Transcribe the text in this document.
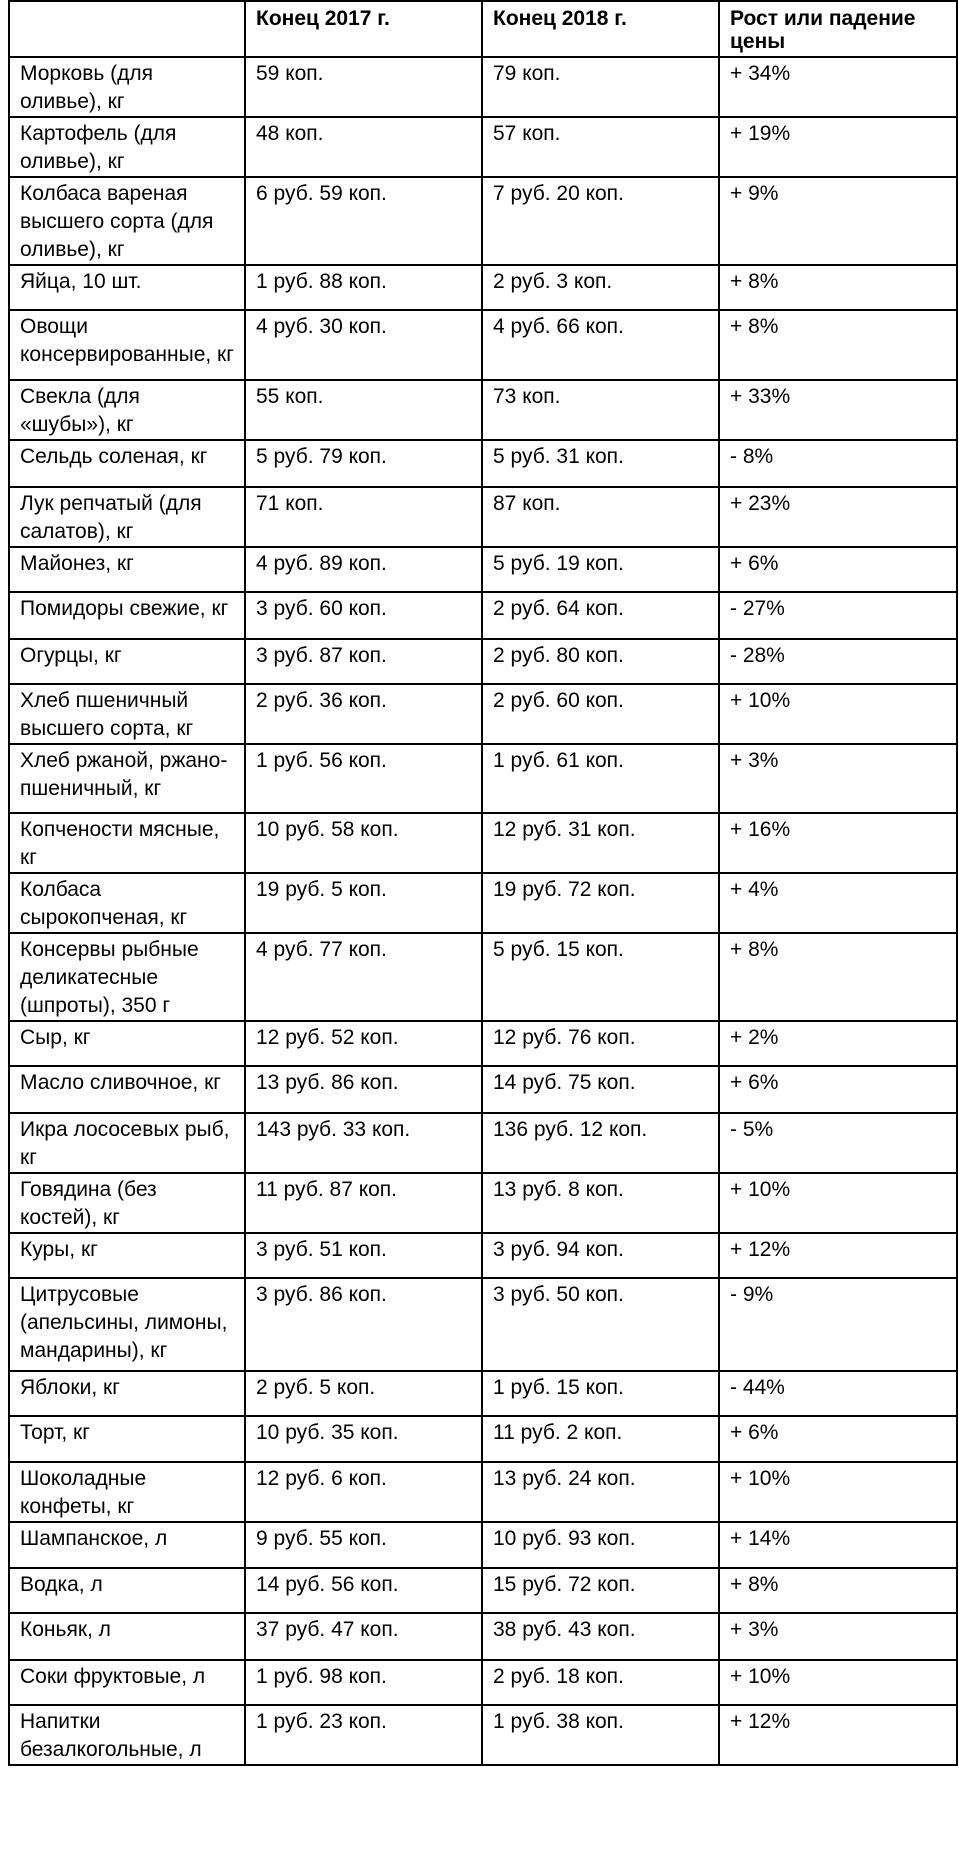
	Конец 2017 г.	Конец 2018 г.	Рост или падение цены
Морковь (для оливье), кг	59 коп.	79 коп.	+ 34%
Картофель (для оливье), кг	48 коп.	57 коп.	+ 19%
Колбаса вареная высшего сорта (для оливье), кг	6 руб. 59 коп.	7 руб. 20 коп.	+ 9%
Яйца, 10 шт.	1 руб. 88 коп.	2 руб. 3 коп.	+ 8%
Овощи консервированные, кг	4 руб. 30 коп.	4 руб. 66 коп.	+ 8%
Свекла (для «шубы»), кг	55 коп.	73 коп.	+ 33%
Сельдь соленая, кг	5 руб. 79 коп.	5 руб. 31 коп.	- 8%
Лук репчатый (для салатов), кг	71 коп.	87 коп.	+ 23%
Майонез, кг	4 руб. 89 коп.	5 руб. 19 коп.	+ 6%
Помидоры свежие, кг	3 руб. 60 коп.	2 руб. 64 коп.	- 27%
Огурцы, кг	3 руб. 87 коп.	2 руб. 80 коп.	- 28%
Хлеб пшеничный высшего сорта, кг	2 руб. 36 коп.	2 руб. 60 коп.	+ 10%
Хлеб ржаной, ржано-пшеничный, кг	1 руб. 56 коп.	1 руб. 61 коп.	+ 3%
Копчености мясные, кг	10 руб. 58 коп.	12 руб. 31 коп.	+ 16%
Колбаса сырокопченая, кг	19 руб. 5 коп.	19 руб. 72 коп.	+ 4%
Консервы рыбные деликатесные (шпроты), 350 г	4 руб. 77 коп.	5 руб. 15 коп.	+ 8%
Сыр, кг	12 руб. 52 коп.	12 руб. 76 коп.	+ 2%
Масло сливочное, кг	13 руб. 86 коп.	14 руб. 75 коп.	+ 6%
Икра лососевых рыб, кг	143 руб. 33 коп.	136 руб. 12 коп.	- 5%
Говядина (без костей), кг	11 руб. 87 коп.	13 руб. 8 коп.	+ 10%
Куры, кг	3 руб. 51 коп.	3 руб. 94 коп.	+ 12%
Цитрусовые (апельсины, лимоны, мандарины), кг	3 руб. 86 коп.	3 руб. 50 коп.	- 9%
Яблоки, кг	2 руб. 5 коп.	1 руб. 15 коп.	- 44%
Торт, кг	10 руб. 35 коп.	11 руб. 2 коп.	+ 6%
Шоколадные конфеты, кг	12 руб. 6 коп.	13 руб. 24 коп.	+ 10%
Шампанское, л	9 руб. 55 коп.	10 руб. 93 коп.	+ 14%
Водка, л	14 руб. 56 коп.	15 руб. 72 коп.	+ 8%
Коньяк, л	37 руб. 47 коп.	38 руб. 43 коп.	+ 3%
Соки фруктовые, л	1 руб. 98 коп.	2 руб. 18 коп.	+ 10%
Напитки безалкогольные, л	1 руб. 23 коп.	1 руб. 38 коп.	+ 12%
